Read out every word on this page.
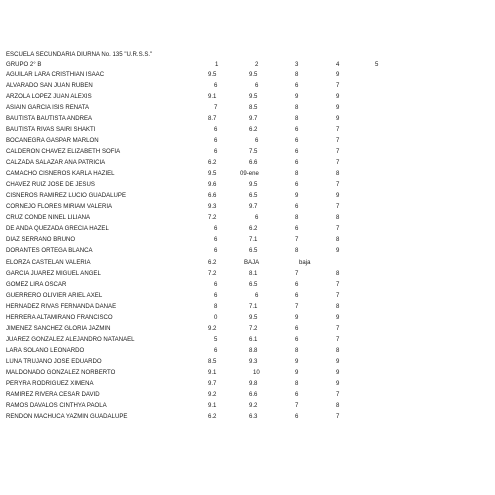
ESCUELA SECUNDARIA DIURNA No. 135 "U.R.S.S."
GRUPO 2° B	1	2	3	4	5
AGUILAR LARA CRISTHIAN ISAAC	9.5	9.5	8	9
ALVARADO SAN JUAN RUBEN	6	6	6	7
ARZOLA LOPEZ JUAN ALEXIS	9.1	9.5	9	9
ASIAIN GARCIA ISIS RENATA	7	8.5	8	9
BAUTISTA BAUTISTA ANDREA	8.7	9.7	8	9
BAUTISTA RIVAS SAIRI SHAKTI	6	6.2	6	7
BOCANEGRA GASPAR MARLON	6	6	6	7
CALDERON CHAVEZ ELIZABETH SOFIA	6	7.5	6	7
CALZADA SALAZAR ANA PATRICIA	6.2	6.6	6	7
CAMACHO CISNEROS KARLA HAZIEL	9.5	09-ene	8	8
CHAVEZ RUIZ JOSE DE JESUS	9.6	9.5	6	7
CISNEROS RAMIREZ LUCIO GUADALUPE	6.6	6.5	9	9
CORNEJO FLORES MIRIAM VALERIA	9.3	9.7	6	7
CRUZ CONDE NINEL LILIANA	7.2	6	8	8
DE ANDA QUEZADA GRECIA HAZEL	6	6.2	6	7
DIAZ SERRANO BRUNO	6	7.1	7	8
DORANTES ORTEGA BLANCA	6	6.5	8	9
ELORZA CASTELAN VALERIA	6.2	BAJA	baja
GARCIA JUAREZ MIGUEL ANGEL	7.2	8.1	7	8
GOMEZ LIRA OSCAR	6	6.5	6	7
GUERRERO OLIVIER ARIEL AXEL	6	6	6	7
HERNADEZ RIVAS FERNANDA DANAE	8	7.1	7	8
HERRERA ALTAMIRANO FRANCISCO	0	9.5	9	9
JIMENEZ SANCHEZ GLORIA JAZMIN	9.2	7.2	6	7
JUAREZ GONZALEZ ALEJANDRO NATANAEL	5	6.1	6	7
LARA SOLANO LEONARDO	6	8.8	8	8
LUNA TRUJANO JOSE EDUARDO	8.5	9.3	9	9
MALDONADO GONZALEZ NORBERTO	9.1	10	9	9
PERYRA RODRIGUEZ XIMENA	9.7	9.8	8	9
RAMIREZ RIVERA CESAR DAVID	9.2	6.6	6	7
RAMOS DAVALOS CINTHYA PAOLA	9.1	9.2	7	8
RENDON MACHUCA YAZMIN GUADALUPE	6.2	6.3	6	7
